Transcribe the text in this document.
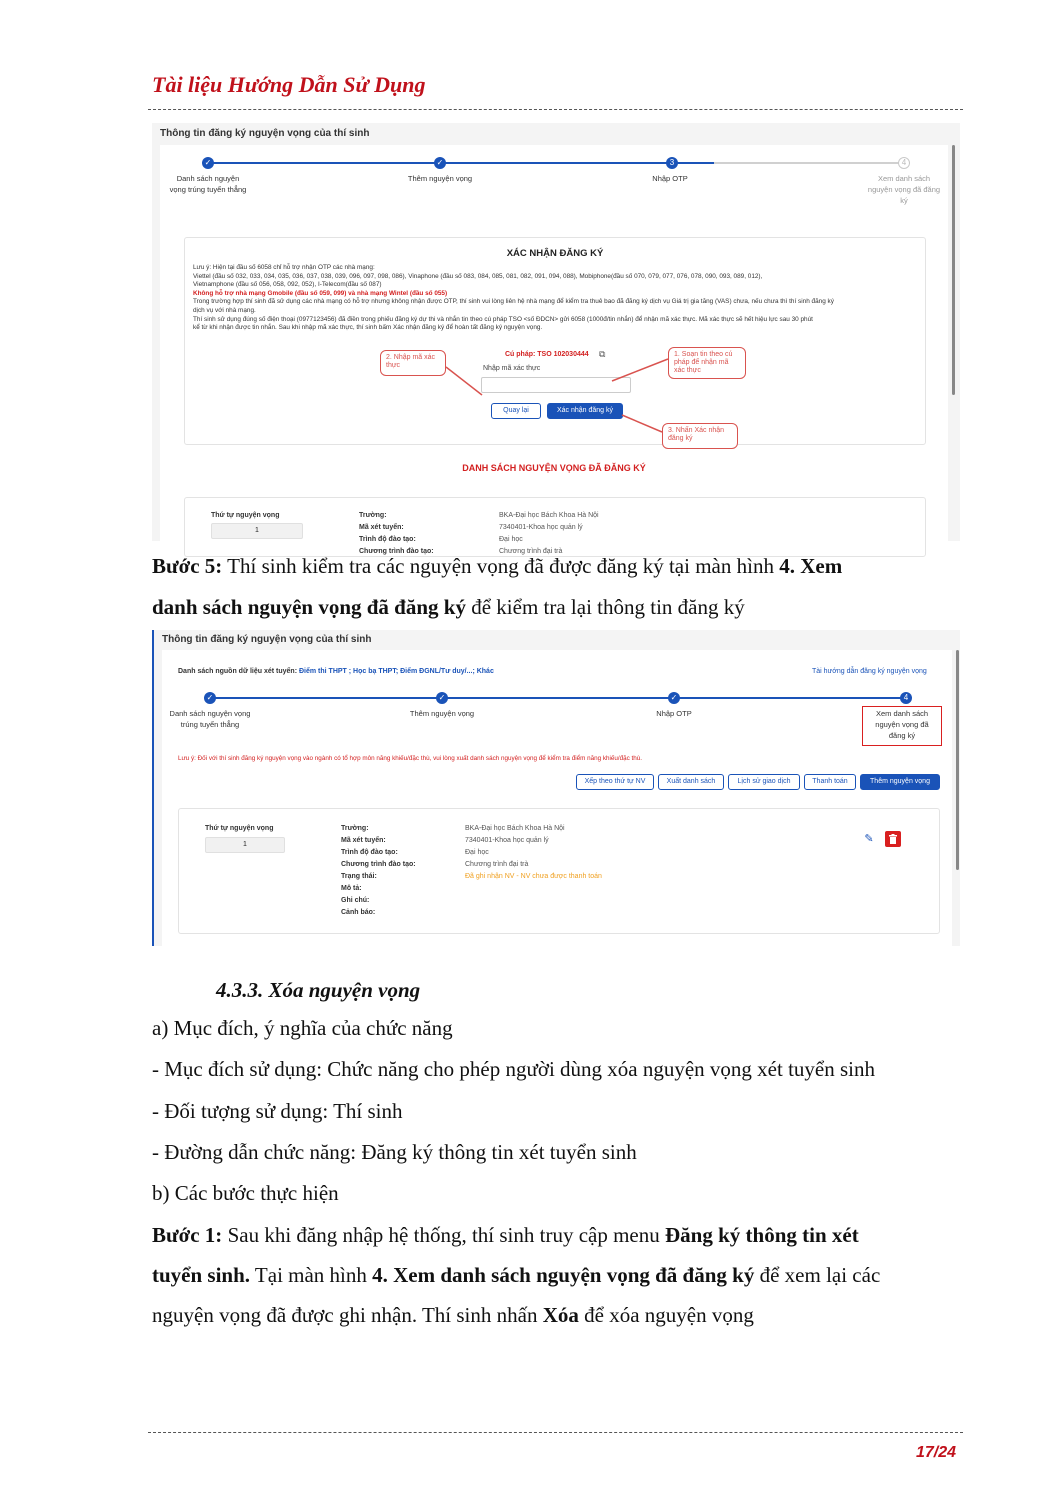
Tài liệu Hướng Dẫn Sử Dụng
Thông tin đăng ký nguyện vọng của thí sinh
✓	✓	3	4
Danh sách nguyện vọng trúng tuyển thẳng
Thêm nguyện vọng	Nhập OTP	Xem danh sách nguyện vọng đã đăng ký
XÁC NHẬN ĐĂNG KÝ
Lưu ý: Hiện tại đầu số 6058 chỉ hỗ trợ nhận OTP các nhà mạng:
Viettel (đầu số 032, 033, 034, 035, 036, 037, 038, 039, 096, 097, 098, 086), Vinaphone (đầu số 083, 084, 085, 081, 082, 091, 094, 088), Mobiphone(đầu số 070, 079, 077, 076, 078, 090, 093, 089, 012),
Vietnamphone (đầu số 056, 058, 092, 052), I-Telecom(đầu số 087)
Không hỗ trợ nhà mạng Gmobile (đầu số 059, 099) và nhà mạng Wintel (đầu số 055)
Trong trường hợp thí sinh đã sử dụng các nhà mạng có hỗ trợ nhưng không nhận được OTP, thí sinh vui lòng liên hệ nhà mạng để kiểm tra thuê bao đã đăng ký dịch vụ Giá trị gia tăng (VAS) chưa, nếu chưa thì thí sinh đăng ký
dịch vụ với nhà mạng.
Thí sinh sử dụng đúng số điện thoại (0977123456) đã điền trong phiếu đăng ký dự thi và nhắn tin theo cú pháp TSO <số ĐDCN> gửi 6058 (1000đ/tin nhắn) để nhận mã xác thực. Mã xác thực sẽ hết hiệu lực sau 30 phút
kể từ khi nhận được tin nhắn. Sau khi nhập mã xác thực, thí sinh bấm Xác nhận đăng ký để hoàn tất đăng ký nguyện vọng.
Cú pháp: TSO 102030444 ⧉
Nhập mã xác thực
Quay lại	Xác nhận đăng ký
1. Soạn tin theo cú pháp để nhận mã xác thực
2. Nhập mã xác thực
3. Nhấn Xác nhận đăng ký
DANH SÁCH NGUYỆN VỌNG ĐÃ ĐĂNG KÝ
Thứ tự nguyện vọng
1
Trường:	BKA-Đại học Bách Khoa Hà Nội
Mã xét tuyển:	7340401-Khoa học quản lý
Trình độ đào tạo:	Đại học
Chương trình đào tạo:	Chương trình đại trà
Bước 5: Thí sinh kiểm tra các nguyện vọng đã được đăng ký tại màn hình 4. Xem
danh sách nguyện vọng đã đăng ký để kiểm tra lại thông tin đăng ký
Thông tin đăng ký nguyện vọng của thí sinh
Danh sách nguồn dữ liệu xét tuyển: Điểm thi THPT ; Học bạ THPT; Điểm ĐGNL/Tư duy/...; Khác	Tài hướng dẫn đăng ký nguyện vọng
✓	✓	✓	4
Danh sách nguyện vọng trúng tuyển thẳng
Thêm nguyện vọng	Nhập OTP	Xem danh sách nguyện vọng đã đăng ký
Lưu ý: Đối với thí sinh đăng ký nguyện vọng vào ngành có tổ hợp môn năng khiếu/đặc thù, vui lòng xuất danh sách nguyện vọng để kiểm tra điểm năng khiếu/đặc thù.
Xếp theo thứ tự NV	Xuất danh sách	Lịch sử giao dịch	Thanh toán	Thêm nguyện vọng
Thứ tự nguyện vọng
1
Trường:	BKA-Đại học Bách Khoa Hà Nội
Mã xét tuyển:	7340401-Khoa học quản lý
Trình độ đào tạo:	Đại học
Chương trình đào tạo:	Chương trình đại trà
Trạng thái:	Đã ghi nhận NV - NV chưa được thanh toán
Mô tả:
Ghi chú:
Cảnh báo:
✎
4.3.3. Xóa nguyện vọng
a) Mục đích, ý nghĩa của chức năng
- Mục đích sử dụng: Chức năng cho phép người dùng xóa nguyện vọng xét tuyển sinh
- Đối tượng sử dụng: Thí sinh
- Đường dẫn chức năng: Đăng ký thông tin xét tuyển sinh
b) Các bước thực hiện
Bước 1: Sau khi đăng nhập hệ thống, thí sinh truy cập menu Đăng ký thông tin xét
tuyển sinh. Tại màn hình 4. Xem danh sách nguyện vọng đã đăng ký để xem lại các
nguyện vọng đã được ghi nhận. Thí sinh nhấn Xóa để xóa nguyện vọng
17/24
